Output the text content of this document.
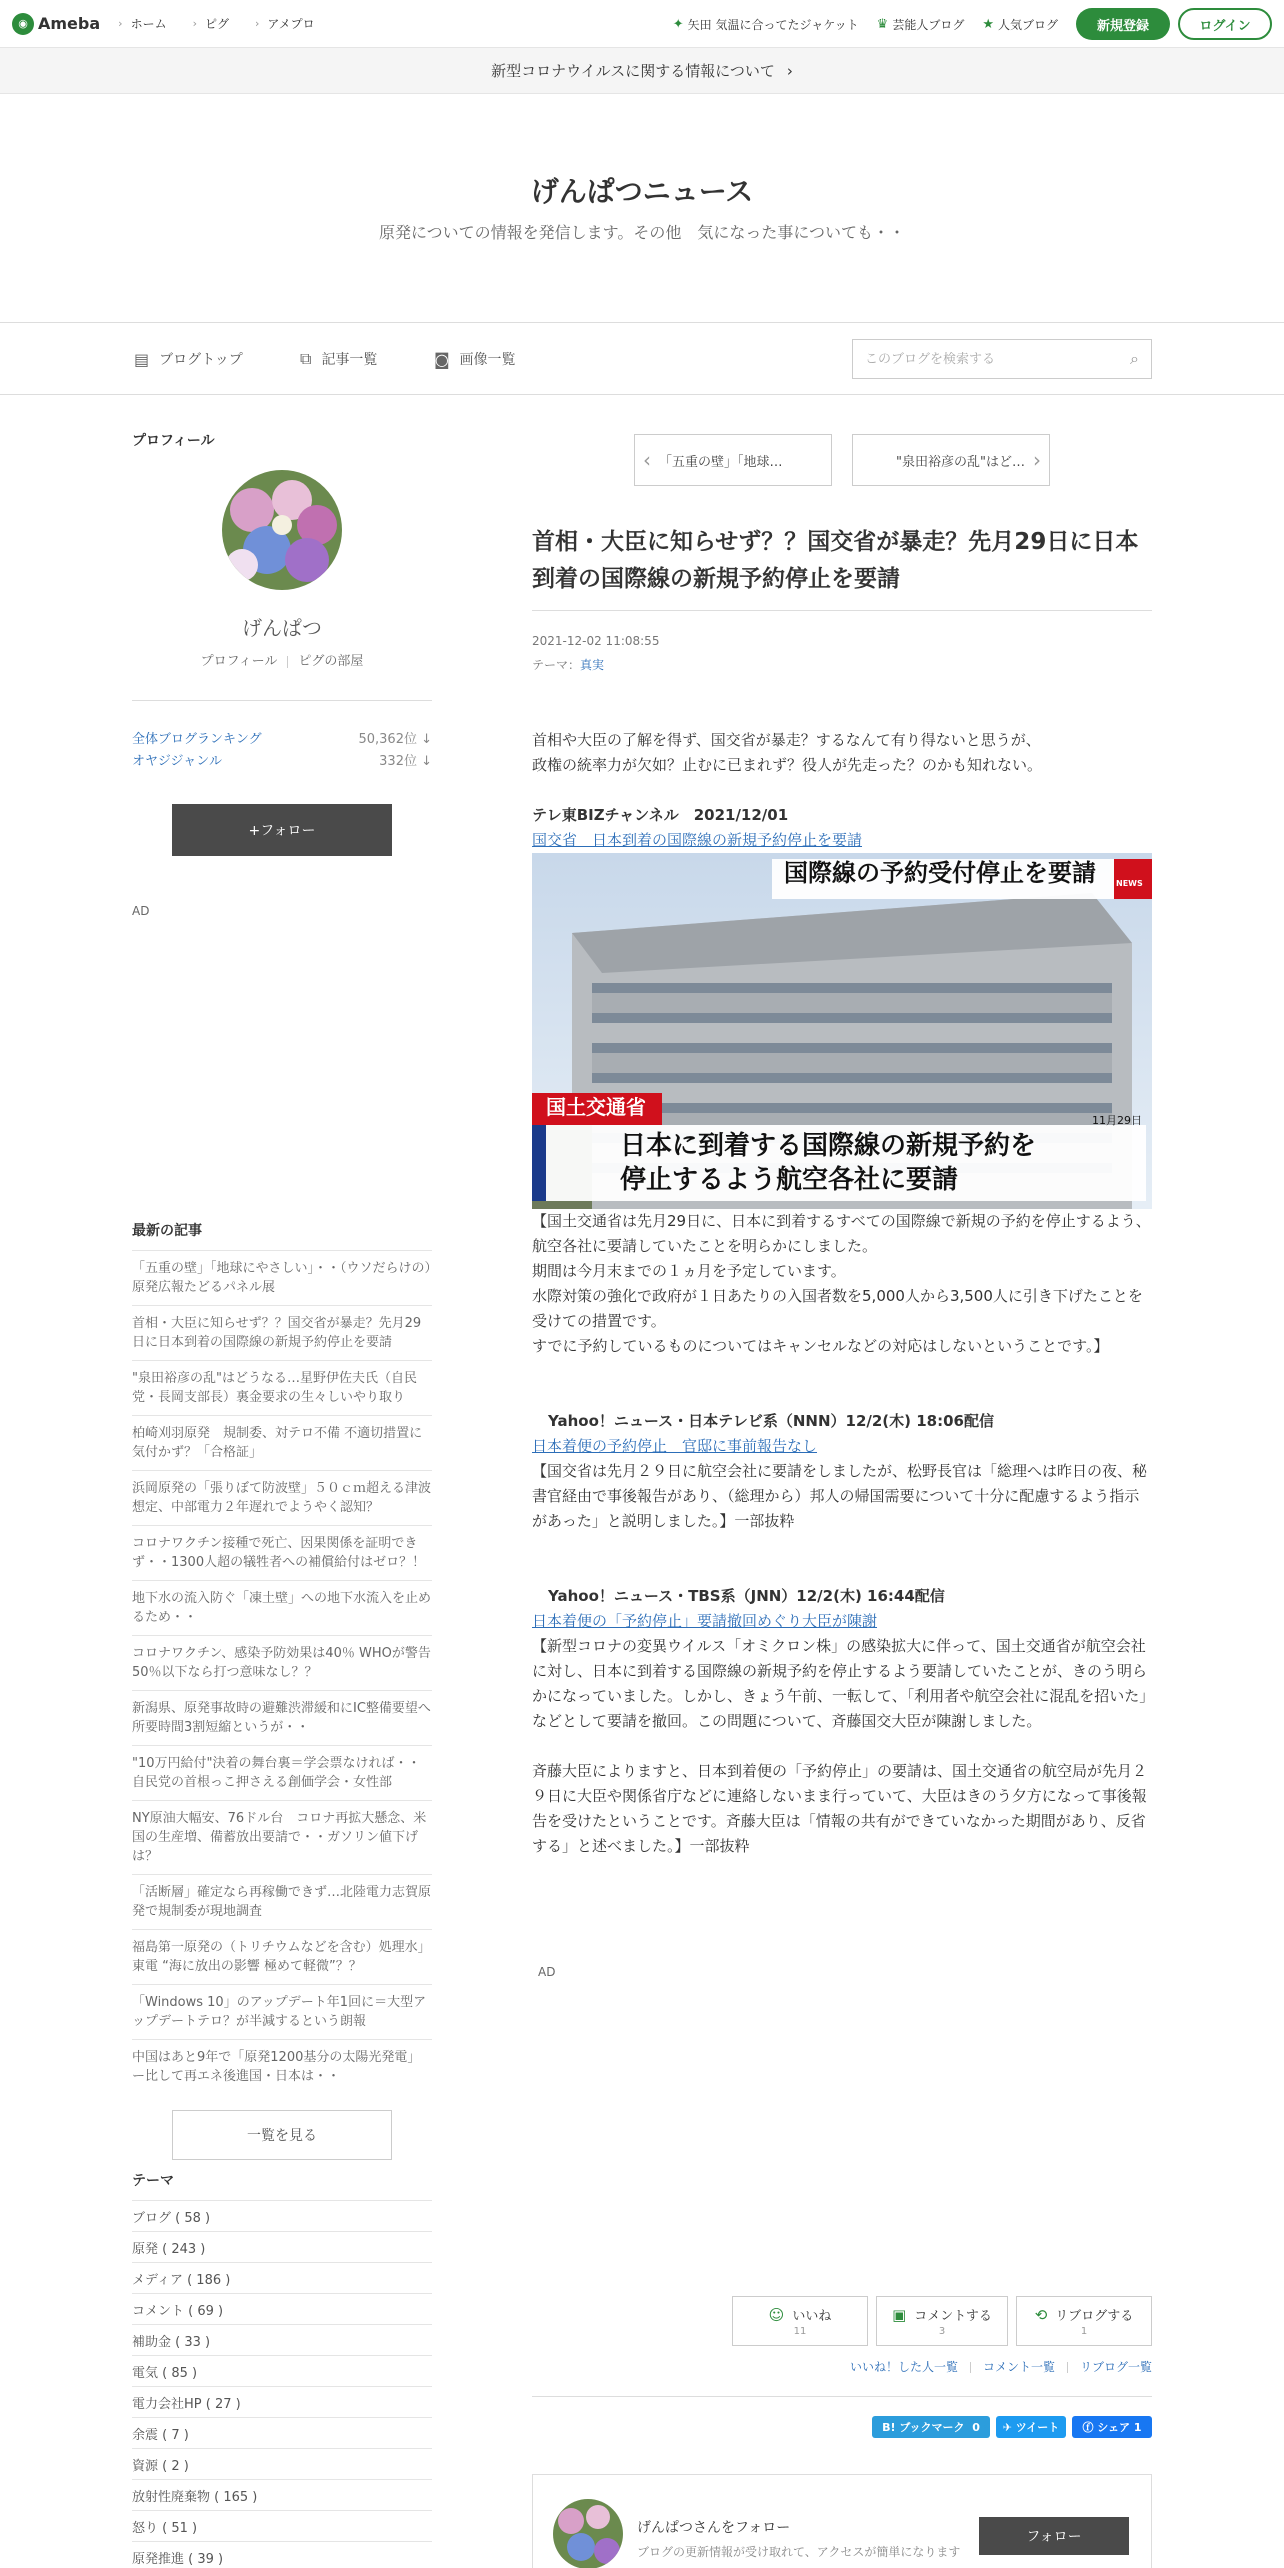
◉ Ameba › ホーム › ピグ › アメプロ	✦ 矢田 気温に合ってたジャケット ♛ 芸能人ブログ ★ 人気ブログ	新規登録	ログイン
新型コロナウイルスに関する情報について ›
げんぱつニュース
原発についての情報を発信します。その他　気になった事についても・・
▤ ブログトップ	⧉ 記事一覧	◙ 画像一覧
このブログを検索する	⌕
プロフィール
げんぱつ
プロフィール ピグの部屋
全体ブログランキング	50,362位 ↓
オヤジジャンル	332位 ↓
+フォロー
AD
最新の記事
「五重の壁」「地球にやさしい」・・（ウソだらけの）原発広報たどるパネル展
首相・大臣に知らせず？？国交省が暴走？先月29日に日本到着の国際線の新規予約停止を要請
"泉田裕彦の乱"はどうなる…星野伊佐夫氏（自民党・長岡支部長）裏金要求の生々しいやり取り
柏崎刈羽原発　規制委、対テロ不備 不適切措置に気付かず？「合格証」
浜岡原発の「張りぼて防波壁」５０ｃｍ超える津波想定、中部電力２年遅れでようやく認知？
コロナワクチン接種で死亡、因果関係を証明できず・・1300人超の犠牲者への補償給付はゼロ？！
地下水の流入防ぐ「凍土壁」への地下水流入を止めるため・・
コロナワクチン、感染予防効果は40％ WHOが警告　50％以下なら打つ意味なし？？
新潟県、原発事故時の避難渋滞緩和にIC整備要望へ　所要時間3割短縮というが・・
"10万円給付"決着の舞台裏＝学会票なければ・・自民党の首根っこ押さえる創価学会・女性部
NY原油大幅安、76ドル台　コロナ再拡大懸念、米国の生産増、備蓄放出要請で・・ガソリン値下げは？
「活断層」確定なら再稼働できず…北陸電力志賀原発で規制委が現地調査
福島第一原発の（トリチウムなどを含む）処理水」東電 “海に放出の影響 極めて軽微”？？
「Windows 10」のアップデート年1回に＝大型アップデートテロ？が半減するという朗報
中国はあと9年で「原発1200基分の太陽光発電」ー比して再エネ後進国・日本は・・
一覧を見る
テーマ
ブログ ( 58 )
原発 ( 243 )
メディア ( 186 )
コメント ( 69 )
補助金 ( 33 )
電気 ( 85 )
電力会社HP ( 27 )
余震 ( 7 )
資源 ( 2 )
放射性廃棄物 ( 165 )
怒り ( 51 )
原発推進 ( 39 )
‹ 「五重の壁」「地球…	"泉田裕彦の乱"はど… ›
首相・大臣に知らせず？？国交省が暴走？先月29日に日本到着の国際線の新規予約停止を要請
2021-12-02 11:08:55
テーマ：真実

首相や大臣の了解を得ず、国交省が暴走？するなんて有り得ないと思うが、

政権の統率力が欠如？止むに已まれず？役人が先走った？のかも知れない。

テレ東BIZチャンネル　2021/12/01

国交省　日本到着の国際線の新規予約停止を要請

国際線の予約受付停止を要請	NEWS
国土交通省
11月29日
日本に到着する国際線の新規予約を
停止するよう航空各社に要請

【国土交通省は先月29日に、日本に到着するすべての国際線で新規の予約を停止するよう、航空各社に要請していたことを明らかにしました。

期間は今月末までの１ヵ月を予定しています。

水際対策の強化で政府が１日あたりの入国者数を5,000人から3,500人に引き下げたことを受けての措置です。

すでに予約しているものについてはキャンセルなどの対応はしないということです。】

Yahoo！ニュース・日本テレビ系（NNN）12/2(木) 18:06配信

日本着便の予約停止　官邸に事前報告なし

【国交省は先月２９日に航空会社に要請をしましたが、松野長官は「総理へは昨日の夜、秘書官経由で事後報告があり、（総理から）邦人の帰国需要について十分に配慮するよう指示があった」と説明しました。】一部抜粋

Yahoo！ニュース・TBS系（JNN）12/2(木) 16:44配信

日本着便の「予約停止」要請撤回めぐり大臣が陳謝

【新型コロナの変異ウイルス「オミクロン株」の感染拡大に伴って、国土交通省が航空会社に対し、日本に到着する国際線の新規予約を停止するよう要請していたことが、きのう明らかになっていました。しかし、きょう午前、一転して、「利用者や航空会社に混乱を招いた」などとして要請を撤回。この問題について、斉藤国交大臣が陳謝しました。

斉藤大臣によりますと、日本到着便の「予約停止」の要請は、国土交通省の航空局が先月２９日に大臣や関係省庁などに連絡しないまま行っていて、大臣はきのう夕方になって事後報告を受けたということです。斉藤大臣は「情報の共有ができていなかった期間があり、反省する」と述べました。】一部抜粋

AD
☺ いいね
11
▣ コメントする
3
⟲ リブログする
1
いいね！した人一覧 コメント一覧 リブログ一覧
B! ブックマーク
0 ✈
ツイート ⓕ
シェア
1
げんぱつさんをフォロー
ブログの更新情報が受け取れて、アクセスが簡単になります
フォロー
